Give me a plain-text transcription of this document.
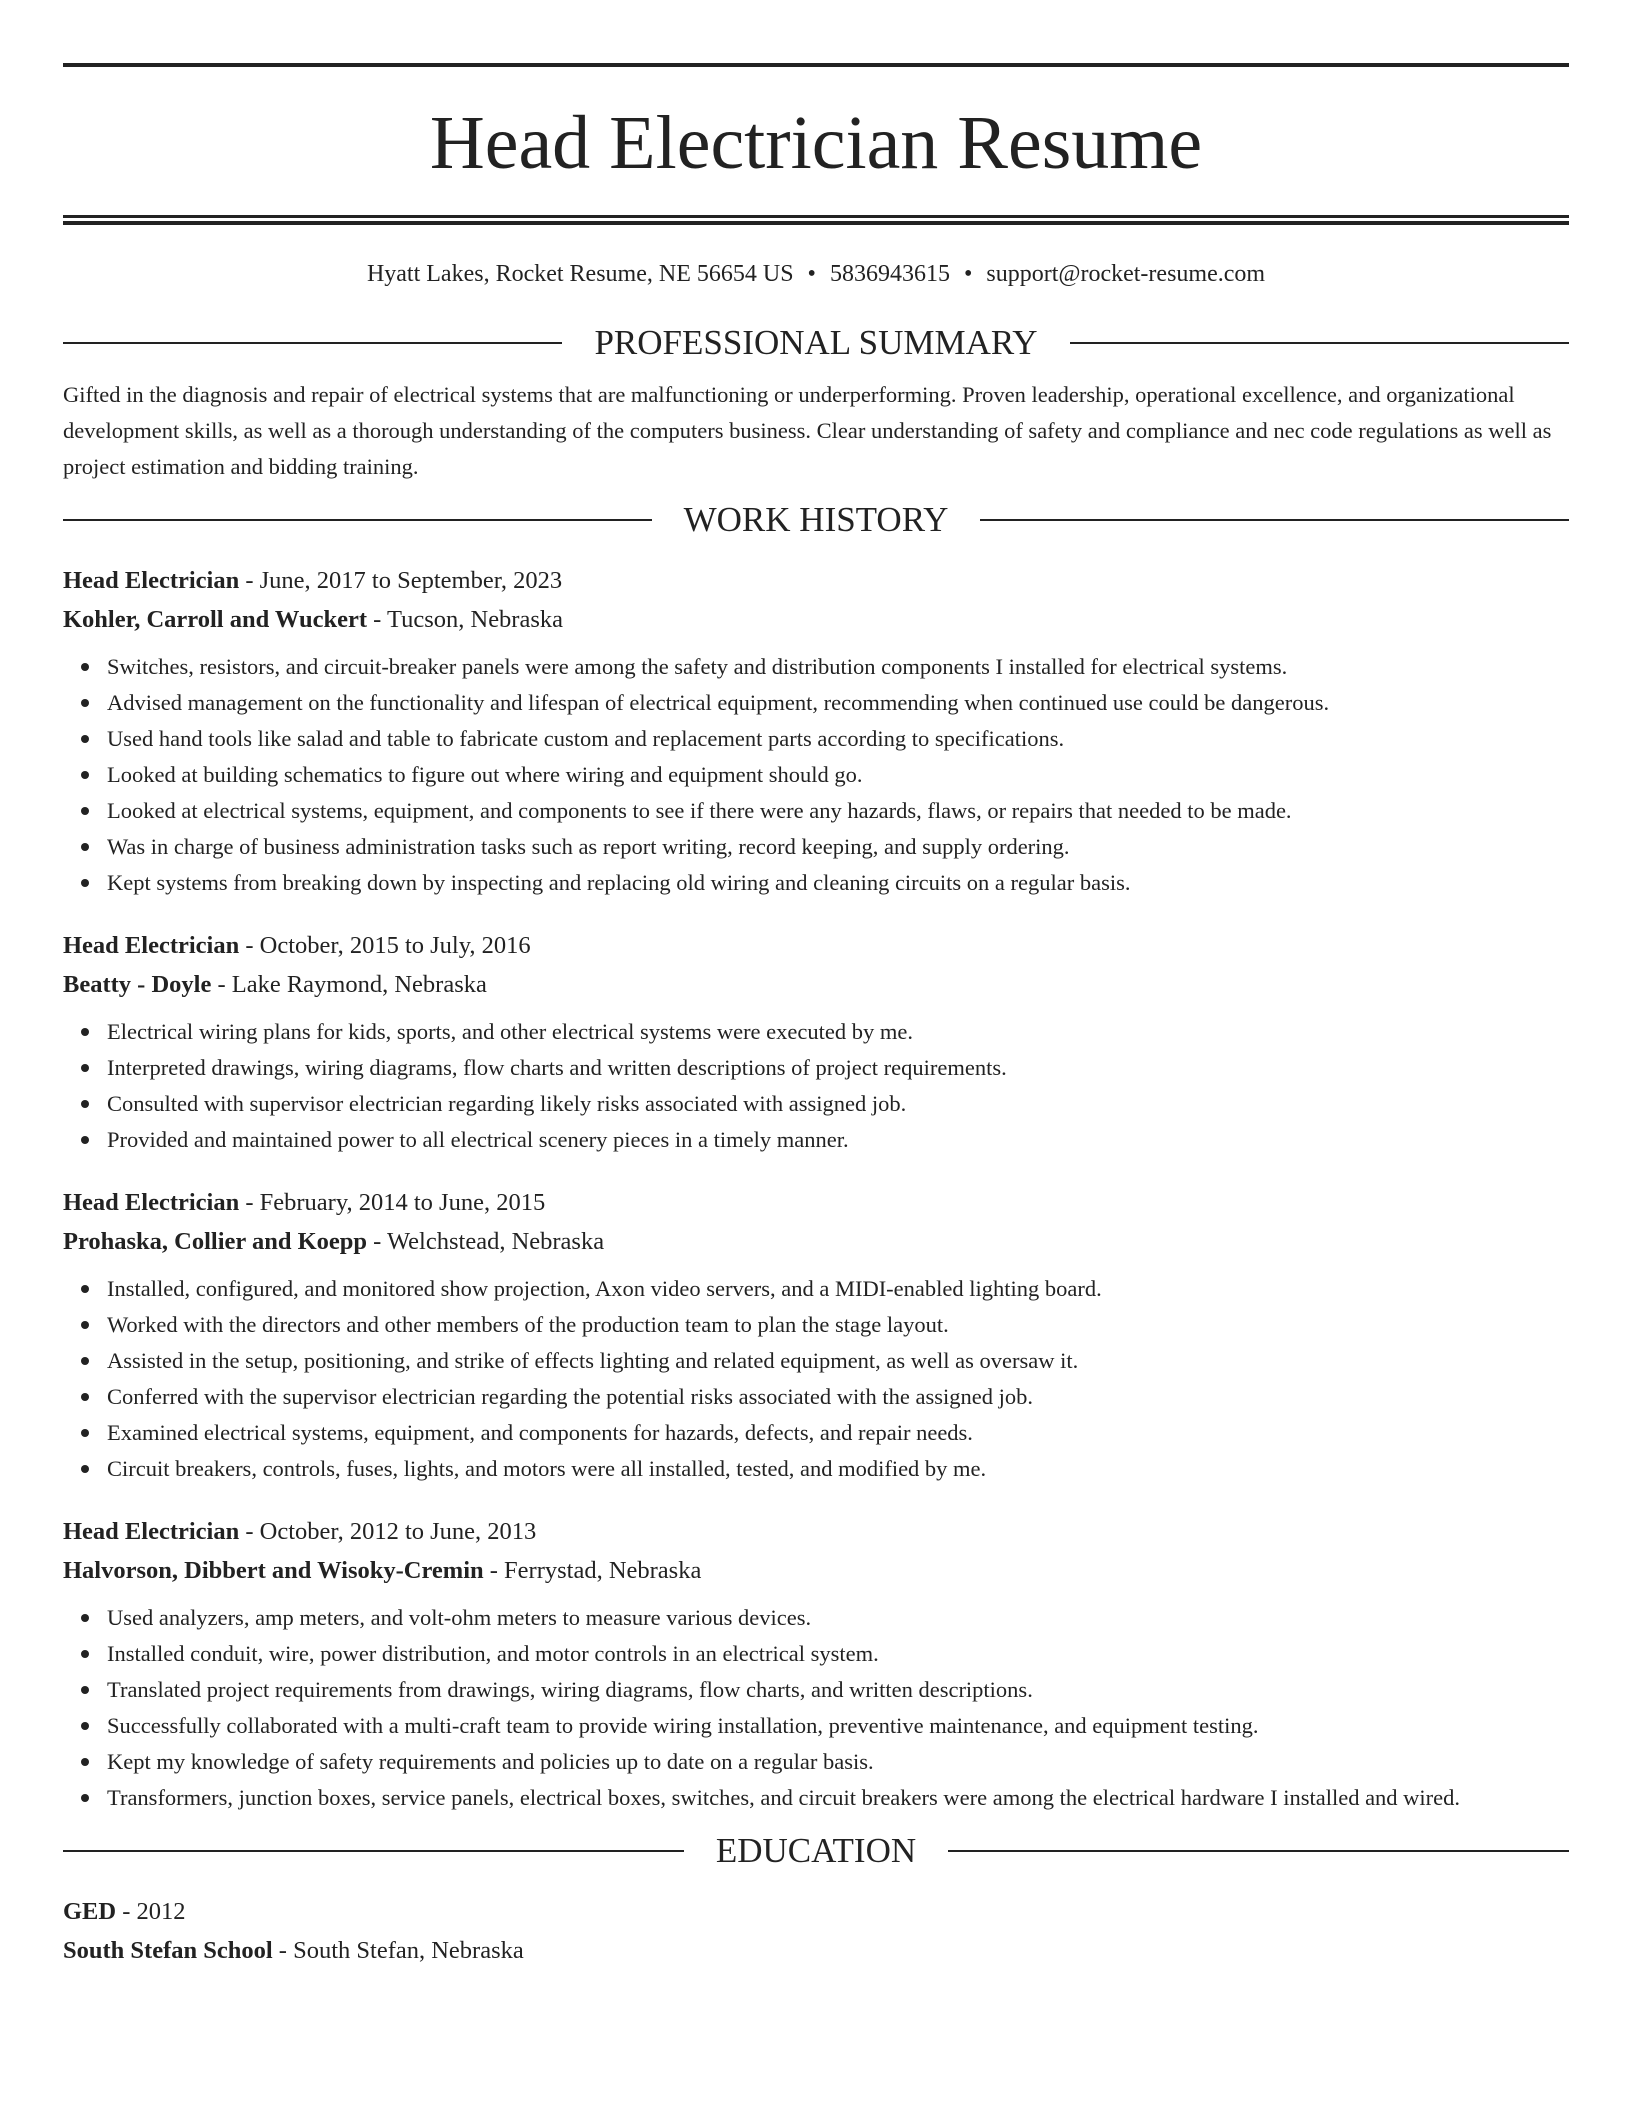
Head Electrician Resume
Hyatt Lakes, Rocket Resume, NE 56654 US • 5836943615 • support@rocket-resume.com
PROFESSIONAL SUMMARY

Gifted in the diagnosis and repair of electrical systems that are malfunctioning or underperforming. Proven leadership, operational excellence, and organizational development skills, as well as a thorough understanding of the computers business. Clear understanding of safety and compliance and nec code regulations as well as project estimation and bidding training.

WORK HISTORY

Head Electrician - June, 2017 to September, 2023

Kohler, Carroll and Wuckert - Tucson, Nebraska

Switches, resistors, and circuit-breaker panels were among the safety and distribution components I installed for electrical systems.
Advised management on the functionality and lifespan of electrical equipment, recommending when continued use could be dangerous.
Used hand tools like salad and table to fabricate custom and replacement parts according to specifications.
Looked at building schematics to figure out where wiring and equipment should go.
Looked at electrical systems, equipment, and components to see if there were any hazards, flaws, or repairs that needed to be made.
Was in charge of business administration tasks such as report writing, record keeping, and supply ordering.
Kept systems from breaking down by inspecting and replacing old wiring and cleaning circuits on a regular basis.

Head Electrician - October, 2015 to July, 2016

Beatty - Doyle - Lake Raymond, Nebraska

Electrical wiring plans for kids, sports, and other electrical systems were executed by me.
Interpreted drawings, wiring diagrams, flow charts and written descriptions of project requirements.
Consulted with supervisor electrician regarding likely risks associated with assigned job.
Provided and maintained power to all electrical scenery pieces in a timely manner.

Head Electrician - February, 2014 to June, 2015

Prohaska, Collier and Koepp - Welchstead, Nebraska

Installed, configured, and monitored show projection, Axon video servers, and a MIDI-enabled lighting board.
Worked with the directors and other members of the production team to plan the stage layout.
Assisted in the setup, positioning, and strike of effects lighting and related equipment, as well as oversaw it.
Conferred with the supervisor electrician regarding the potential risks associated with the assigned job.
Examined electrical systems, equipment, and components for hazards, defects, and repair needs.
Circuit breakers, controls, fuses, lights, and motors were all installed, tested, and modified by me.

Head Electrician - October, 2012 to June, 2013

Halvorson, Dibbert and Wisoky-Cremin - Ferrystad, Nebraska

Used analyzers, amp meters, and volt-ohm meters to measure various devices.
Installed conduit, wire, power distribution, and motor controls in an electrical system.
Translated project requirements from drawings, wiring diagrams, flow charts, and written descriptions.
Successfully collaborated with a multi-craft team to provide wiring installation, preventive maintenance, and equipment testing.
Kept my knowledge of safety requirements and policies up to date on a regular basis.
Transformers, junction boxes, service panels, electrical boxes, switches, and circuit breakers were among the electrical hardware I installed and wired.
EDUCATION

GED - 2012

South Stefan School - South Stefan, Nebraska
